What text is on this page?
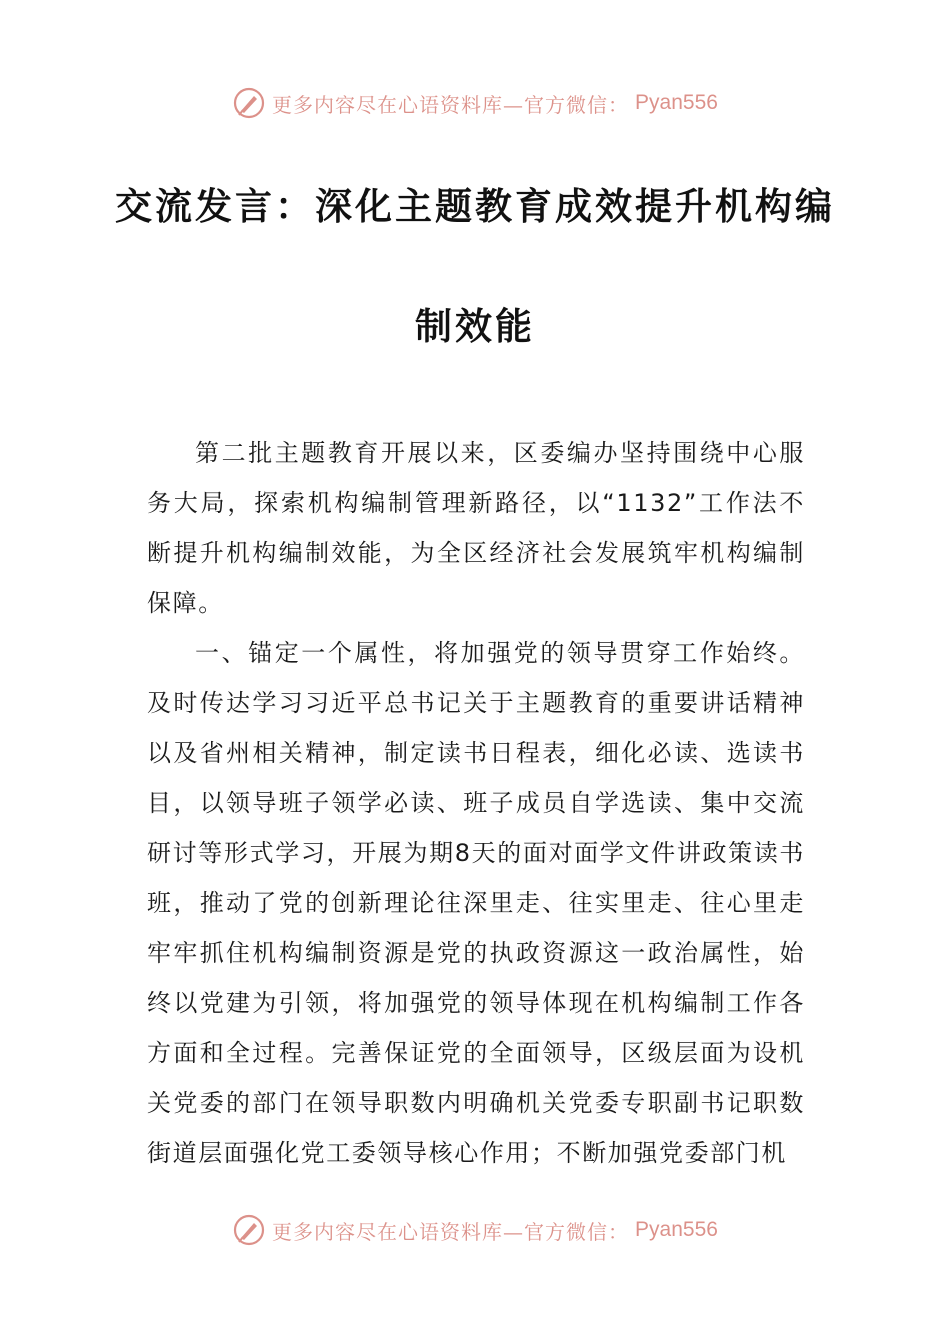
更多内容尽在心语资料库—官方微信： Pyan556
交流发言：深化主题教育成效提升机构编
制效能

第二批主题教育开展以来，区委编办坚持围绕中心服务大局，探索机构编制管理新路径，以“1132”工作法不断提升机构编制效能，为全区经济社会发展筑牢机构编制保障。

一、锚定一个属性，将加强党的领导贯穿工作始终。及时传达学习习近平总书记关于主题教育的重要讲话精神以及省州相关精神，制定读书日程表，细化必读、选读书目，以领导班子领学必读、班子成员自学选读、集中交流研讨等形式学习，开展为期8天的面对面学文件讲政策读书班，推动了党的创新理论往深里走、往实里走、往心里走牢牢抓住机构编制资源是党的执政资源这一政治属性，始终以党建为引领，将加强党的领导体现在机构编制工作各方面和全过程。完善保证党的全面领导，区级层面为设机关党委的部门在领导职数内明确机关党委专职副书记职数街道层面强化党工委领导核心作用；不断加强党委部门机

更多内容尽在心语资料库—官方微信： Pyan556
